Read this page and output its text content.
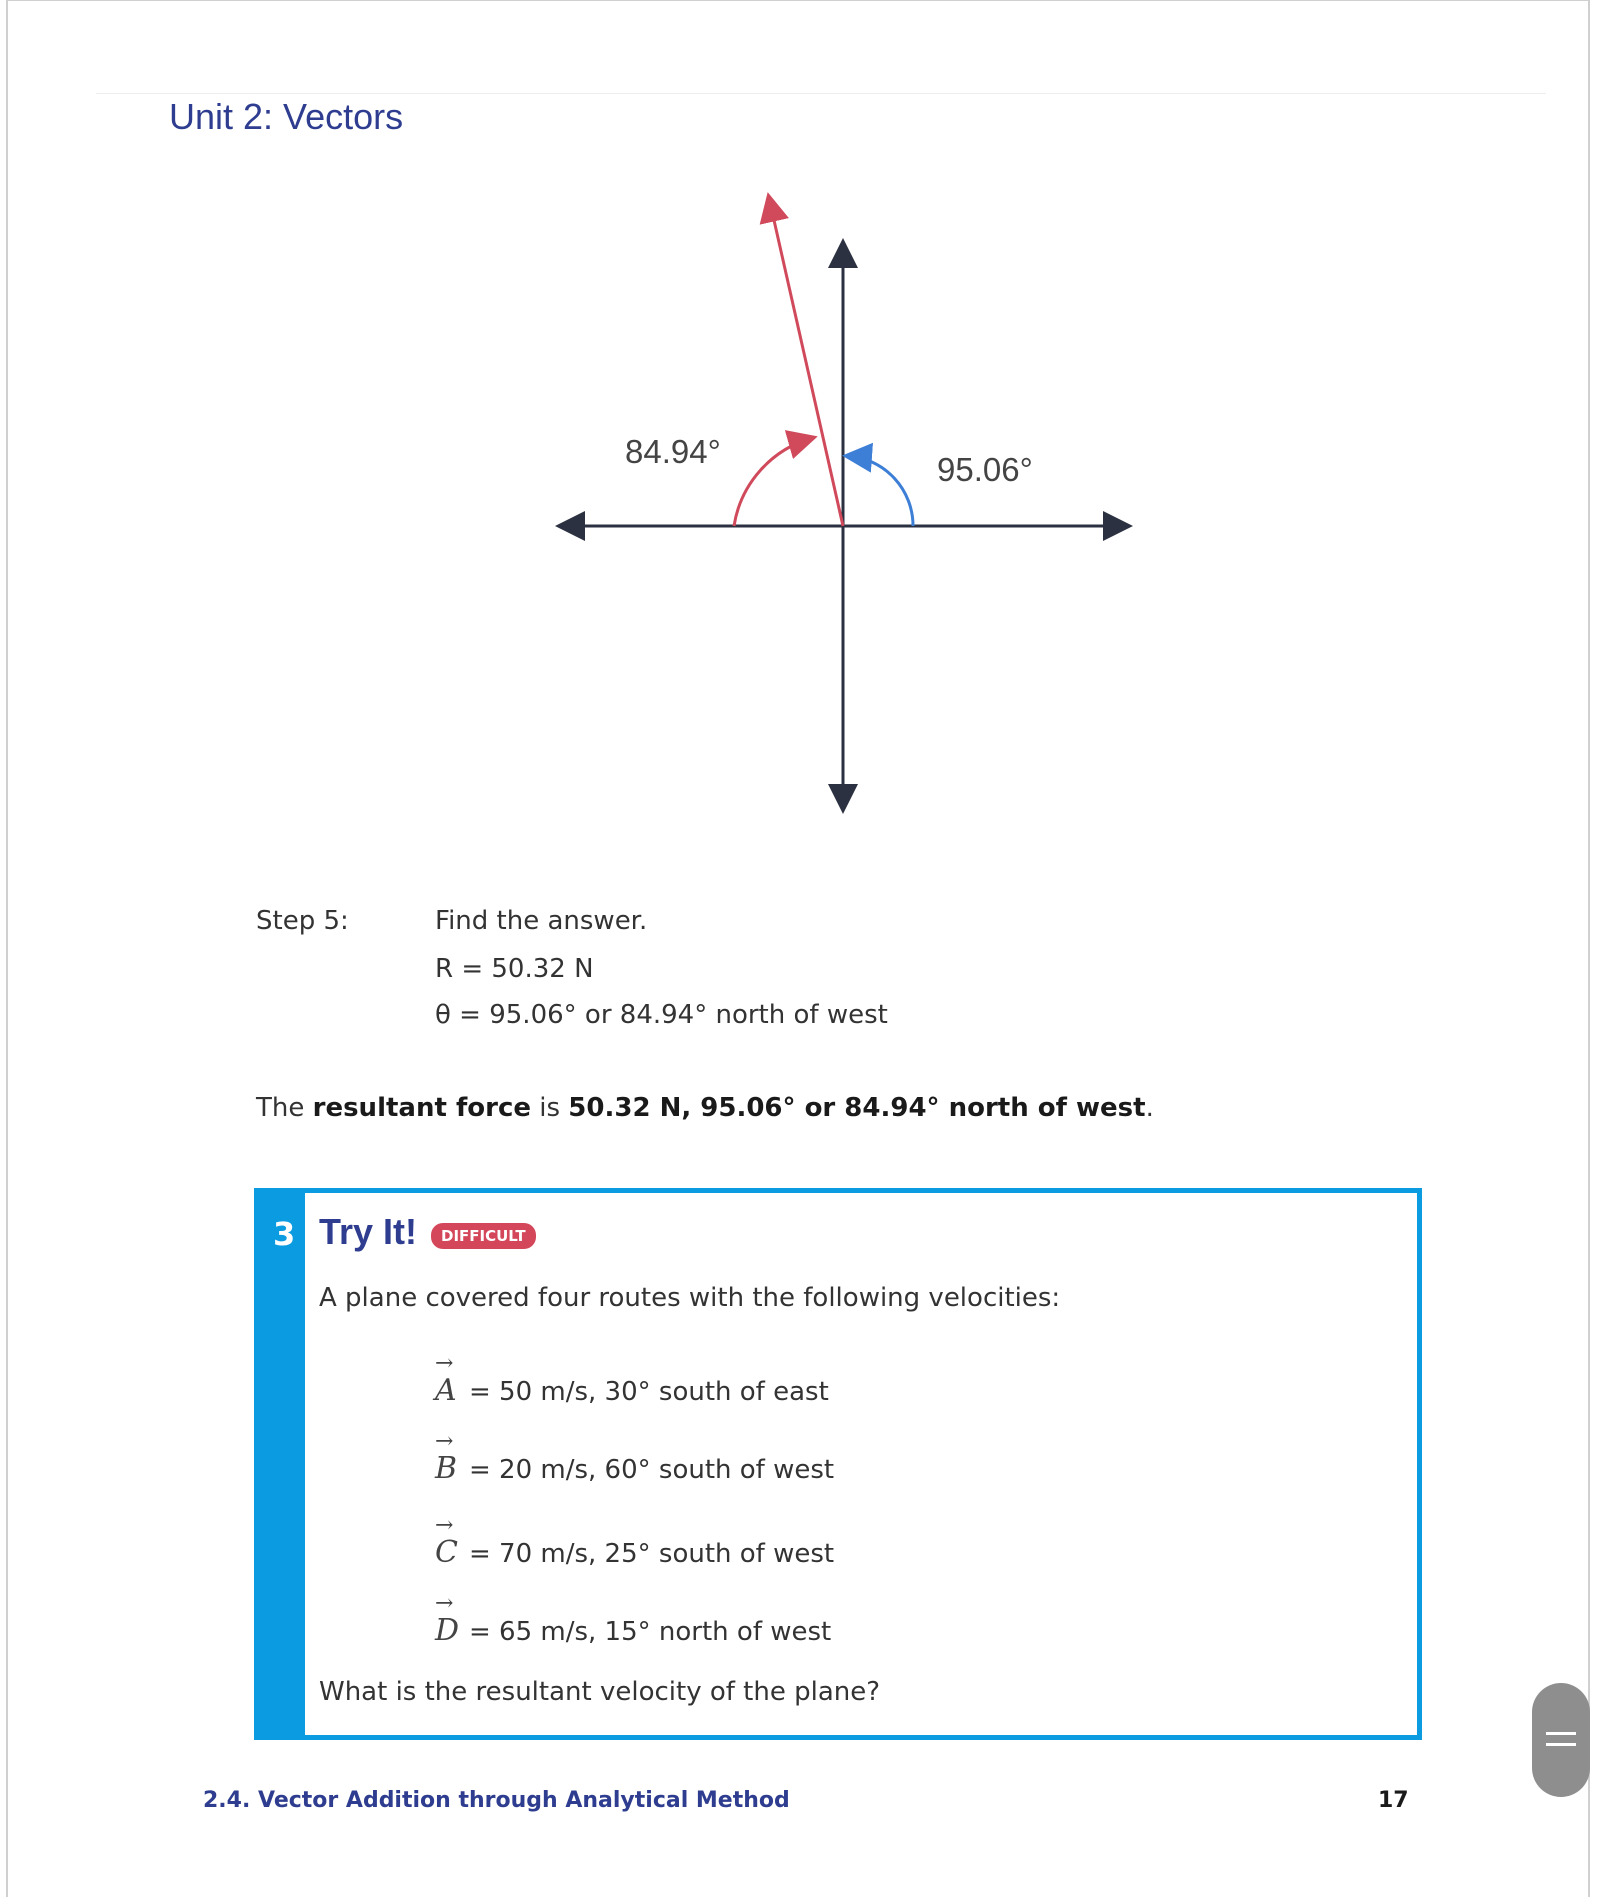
Unit 2: Vectors
84.94°	95.06°
Step 5:	Find the answer.
R = 50.32 N
θ = 95.06° or 84.94° north of west
The resultant force is 50.32 N, 95.06° or 84.94° north of west.
3 Try It!	DIFFICULT
A plane covered four routes with the following velocities:
→
A = 50 m/s, 30° south of east
→
B = 20 m/s, 60° south of west
→
C = 70 m/s, 25° south of west
→
D = 65 m/s, 15° north of west
What is the resultant velocity of the plane?
2.4. Vector Addition through Analytical Method	17
